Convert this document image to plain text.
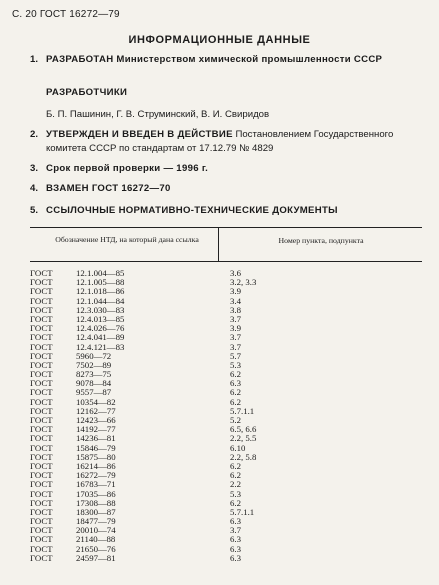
С. 20 ГОСТ 16272—79
ИНФОРМАЦИОННЫЕ ДАННЫЕ
1. РАЗРАБОТАН Министерством химической промышленности СССР
РАЗРАБОТЧИКИ
Б. П. Пашинин, Г. В. Струминский, В. И. Свиридов
2. УТВЕРЖДЕН И ВВЕДЕН В ДЕЙСТВИЕ Постановлением Государственного комитета СССР по стандартам от 17.12.79 № 4829
3. Срок первой проверки — 1996 г.
4. ВЗАМЕН ГОСТ 16272—70
5. ССЫЛОЧНЫЕ НОРМАТИВНО-ТЕХНИЧЕСКИЕ ДОКУМЕНТЫ
Обозначение НТД, на который дана ссылка	Номер пункта, подпункта
ГОСТ	12.1.004—85	3.6
ГОСТ	12.1.005—88	3.2, 3.3
ГОСТ	12.1.018—86	3.9
ГОСТ	12.1.044—84	3.4
ГОСТ	12.3.030—83	3.8
ГОСТ	12.4.013—85	3.7
ГОСТ	12.4.026—76	3.9
ГОСТ	12.4.041—89	3.7
ГОСТ	12.4.121—83	3.7
ГОСТ	5960—72	5.7
ГОСТ	7502—89	5.3
ГОСТ	8273—75	6.2
ГОСТ	9078—84	6.3
ГОСТ	9557—87	6.2
ГОСТ	10354—82	6.2
ГОСТ	12162—77	5.7.1.1
ГОСТ	12423—66	5.2
ГОСТ	14192—77	6.5, 6.6
ГОСТ	14236—81	2.2, 5.5
ГОСТ	15846—79	6.10
ГОСТ	15875—80	2.2, 5.8
ГОСТ	16214—86	6.2
ГОСТ	16272—79	6.2
ГОСТ	16783—71	2.2
ГОСТ	17035—86	5.3
ГОСТ	17308—88	6.2
ГОСТ	18300—87	5.7.1.1
ГОСТ	18477—79	6.3
ГОСТ	20010—74	3.7
ГОСТ	21140—88	6.3
ГОСТ	21650—76	6.3
ГОСТ	24597—81	6.3
